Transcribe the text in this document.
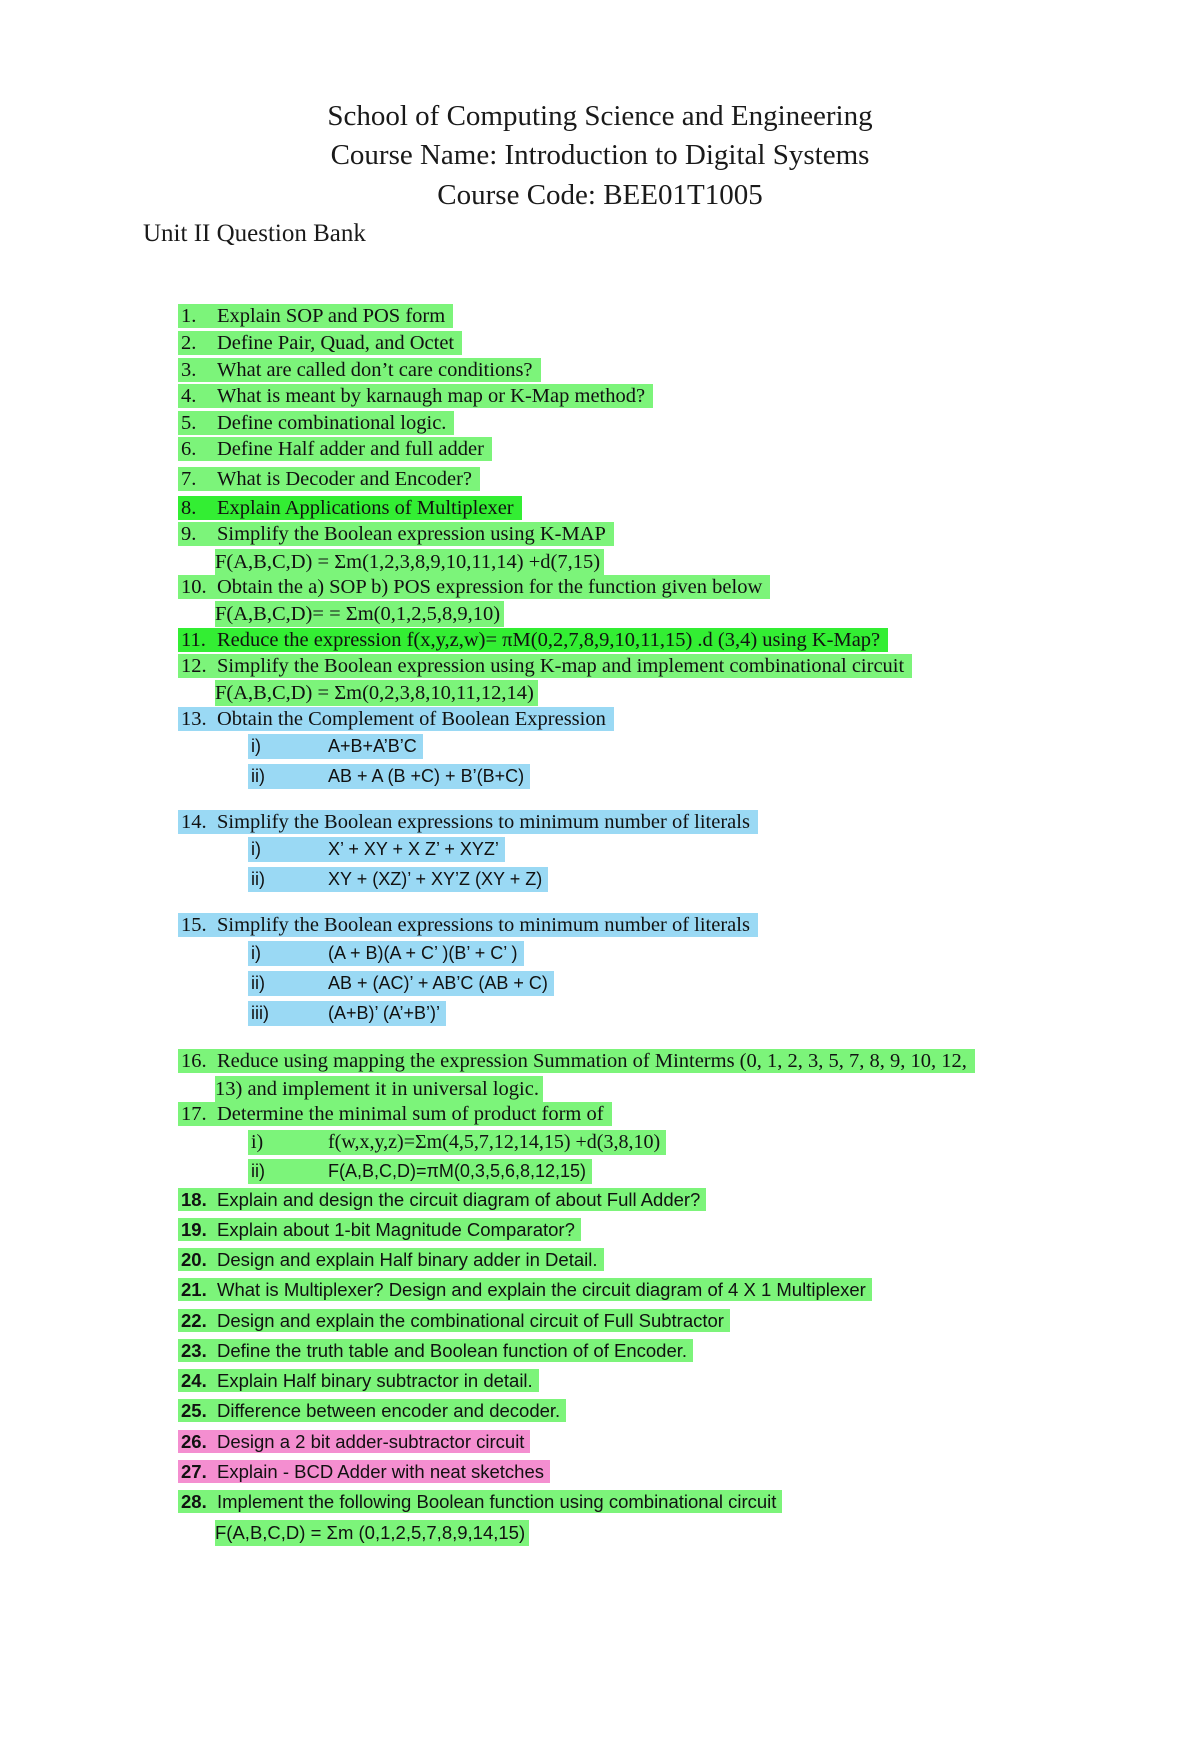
School of Computing Science and Engineering
Course Name: Introduction to Digital Systems
Course Code: BEE01T1005
Unit II Question Bank
1. Explain SOP and POS form
2. Define Pair, Quad, and Octet
3. What are called don’t care conditions?
4. What is meant by karnaugh map or K-Map method?
5. Define combinational logic.
6. Define Half adder and full adder
7. What is Decoder and Encoder?
8. Explain Applications of Multiplexer
9. Simplify the Boolean expression using K-MAP
F(A,B,C,D) = Σm(1,2,3,8,9,10,11,14) +d(7,15)
10. Obtain the a) SOP b) POS expression for the function given below
F(A,B,C,D)= = Σm(0,1,2,5,8,9,10)
11. Reduce the expression f(x,y,z,w)= πM(0,2,7,8,9,10,11,15) .d (3,4) using K-Map?
12. Simplify the Boolean expression using K-map and implement combinational circuit
F(A,B,C,D) = Σm(0,2,3,8,10,11,12,14)
13. Obtain the Complement of Boolean Expression
i)	A+B+A’B’C
ii)	AB + A (B +C) + B’(B+C)
14. Simplify the Boolean expressions to minimum number of literals
i)	X’ + XY + X Z’ + XYZ’
ii)	XY + (XZ)’ + XY’Z (XY + Z)
15. Simplify the Boolean expressions to minimum number of literals
i)	(A + B)(A + C’ )(B’ + C’ )
ii)	AB + (AC)’ + AB’C (AB + C)
iii)	(A+B)’ (A’+B’)’
16. Reduce using mapping the expression Summation of Minterms (0, 1, 2, 3, 5, 7, 8, 9, 10, 12,
13) and implement it in universal logic.
17. Determine the minimal sum of product form of
i)	f(w,x,y,z)=Σm(4,5,7,12,14,15) +d(3,8,10)
ii)	F(A,B,C,D)=πM(0,3,5,6,8,12,15)
18. Explain and design the circuit diagram of about Full Adder?
19. Explain about 1-bit Magnitude Comparator?
20. Design and explain Half binary adder in Detail.
21. What is Multiplexer? Design and explain the circuit diagram of 4 X 1 Multiplexer
22. Design and explain the combinational circuit of Full Subtractor
23. Define the truth table and Boolean function of of Encoder.
24. Explain Half binary subtractor in detail.
25. Difference between encoder and decoder.
26. Design a 2 bit adder-subtractor circuit
27. Explain - BCD Adder with neat sketches
28. Implement the following Boolean function using combinational circuit
F(A,B,C,D) = Σm (0,1,2,5,7,8,9,14,15)
